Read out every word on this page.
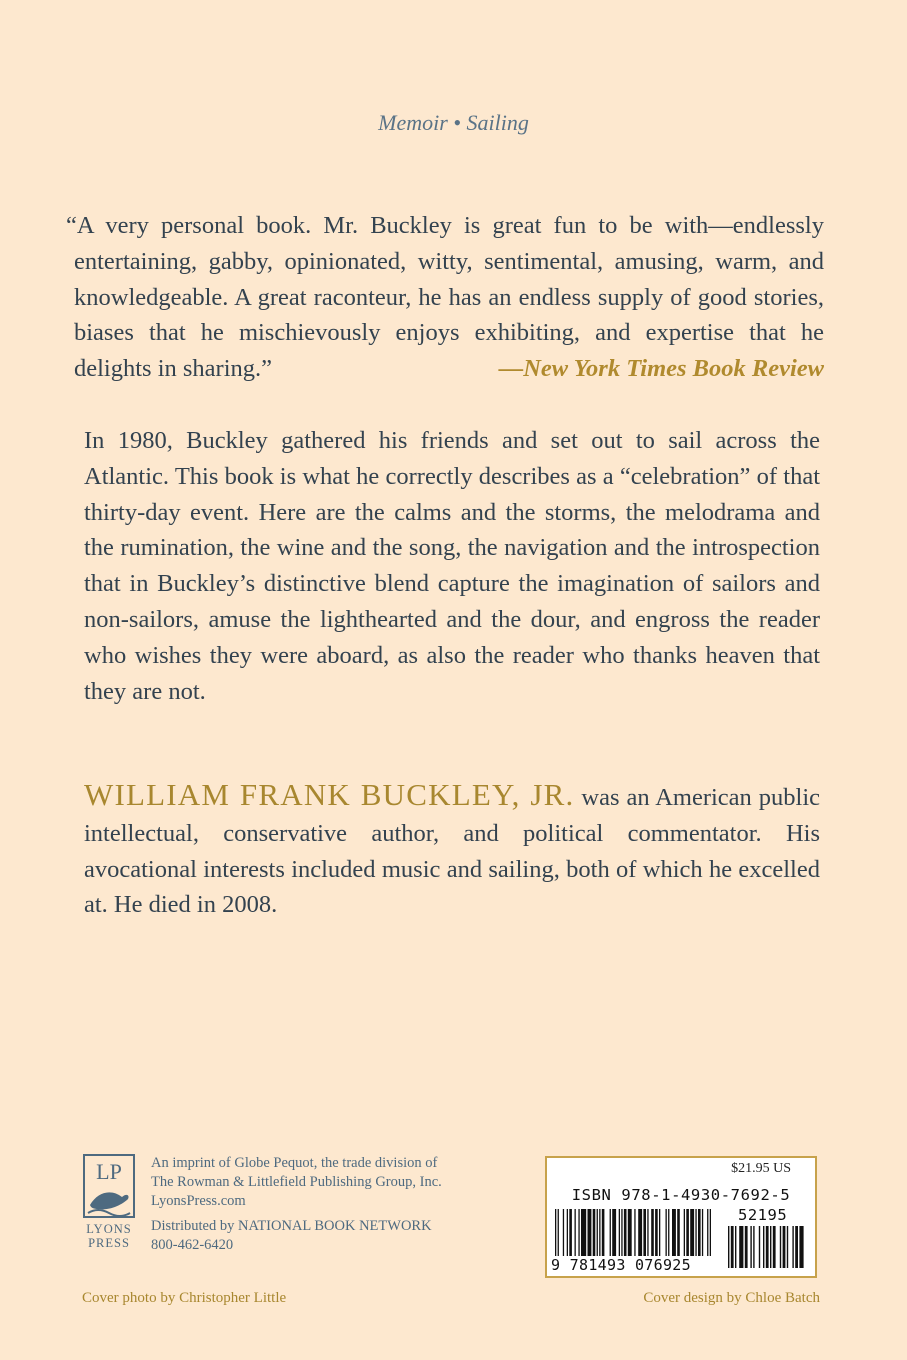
Memoir • Sailing
“A very personal book. Mr. Buckley is great fun to be with—endlessly entertaining, gabby, opinionated, witty, sentimental, amusing, warm, and knowledgeable. A great raconteur, he has an endless supply of good stories, biases that he mischievously enjoys exhibiting, and expertise that he delights in sharing.”	—New York Times Book Review
In 1980, Buckley gathered his friends and set out to sail across the Atlantic. This book is what he correctly describes as a “celebration” of that thirty-day event. Here are the calms and the storms, the melodrama and the rumination, the wine and the song, the navigation and the introspection that in Buckley’s distinctive blend capture the imagination of sailors and non-sailors, amuse the lighthearted and the dour, and engross the reader who wishes they were aboard, as also the reader who thanks heaven that they are not.
WILLIAM FRANK BUCKLEY, JR. was an American public intellectual, conservative author, and political commentator. His avocational interests included music and sailing, both of which he excelled at. He died in 2008.
LP
LYONS
PRESS

An imprint of Globe Pequot, the trade division of

The Rowman & Littlefield Publishing Group, Inc.

LyonsPress.com

Distributed by NATIONAL BOOK NETWORK

800-462-6420

$21.95 US
ISBN 978-1-4930-7692-5
52195
9 781493 076925
Cover photo by Christopher Little	Cover design by Chloe Batch
